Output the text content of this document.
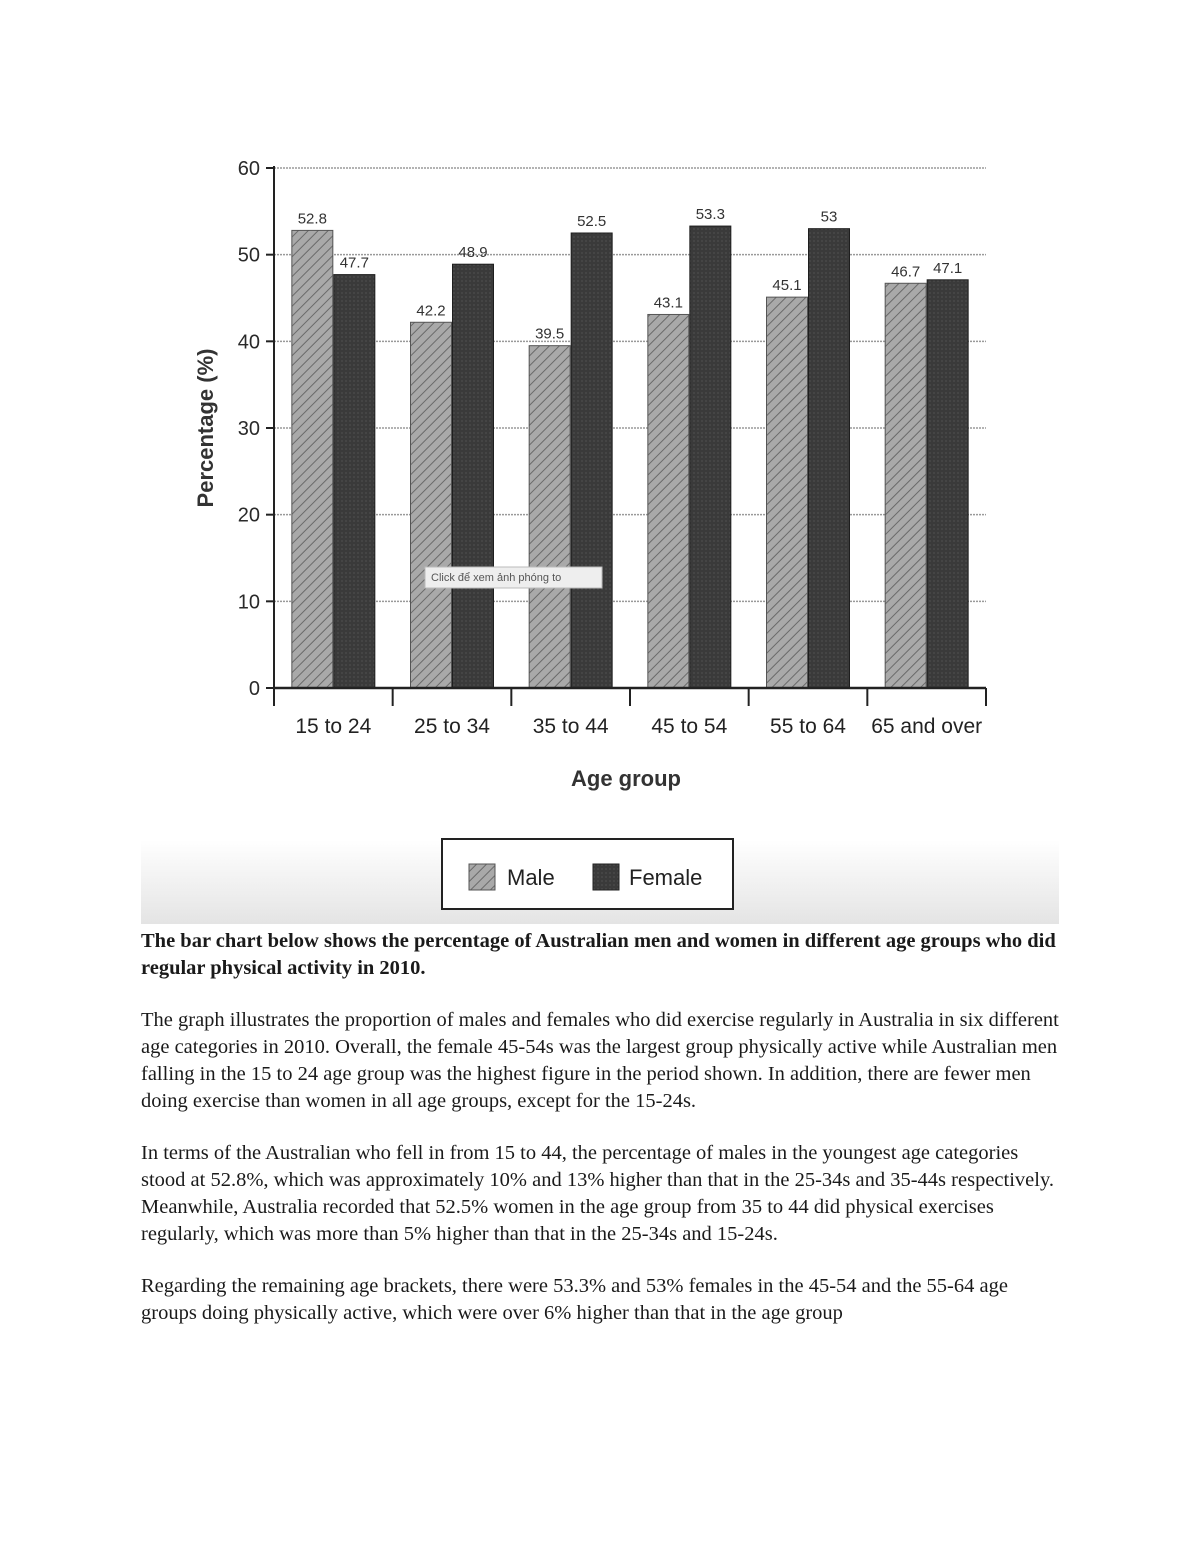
0
10
20
30
40
50
60
15 to 24
52.8
47.7
25 to 34
42.2
48.9
35 to 44
39.5
52.5
45 to 54
43.1
53.3
55 to 64
45.1
53
65 and over
46.7 47.1
Percentage (%)
Age group
Male	Female
Click để xem ảnh phóng to

The bar chart below shows the percentage of Australian men and women in different age groups who did regular physical activity in 2010.

The graph illustrates the proportion of males and females who did exercise regularly in Australia in six different age categories in 2010. Overall, the female 45-54s was the largest group physically active while Australian men falling in the 15 to 24 age group was the highest figure in the period shown. In addition, there are fewer men doing exercise than women in all age groups, except for the 15-24s.

In terms of the Australian who fell in from 15 to 44, the percentage of males in the youngest age categories stood at 52.8%, which was approximately 10% and 13% higher than that in the 25-34s and 35-44s respectively. Meanwhile, Australia recorded that 52.5% women in the age group from 35 to 44 did physical exercises regularly, which was more than 5% higher than that in the 25-34s and 15-24s.

Regarding the remaining age brackets, there were 53.3% and 53% females in the 45-54 and the 55-64 age groups doing physically active, which were over 6% higher than that in the age group
